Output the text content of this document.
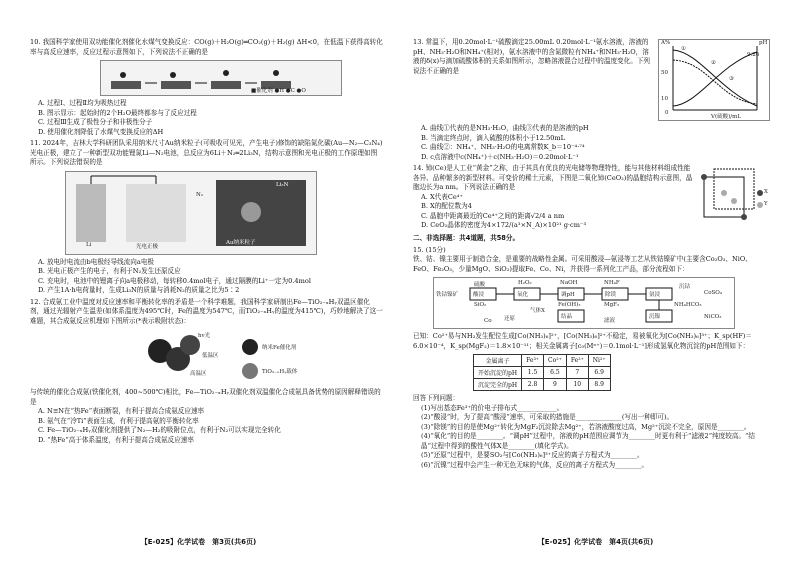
10. 我国科学家使用双功能催化剂催化水煤气变换反应：CO(g)＋H₂O(g)═CO₂(g)＋H₂(g) ΔH<0，在低温下获得高转化率与高反应速率，反应过程示意图如下，下列说法不正确的是

■催化剂 ●H ●C ●O

A. 过程Ⅰ、过程Ⅱ均为吸热过程

B. 图示显示：起始时的2个H₂O最终都参与了反应过程

C. 过程Ⅲ生成了极性分子和非极性分子

D. 使用催化剂降低了水煤气变换反应的ΔH

11. 2024年，吉林大学科研团队采用纳米尺寸Au纳米粒子(可吸收可见光，产生电子)修饰的缺陷氮化碳(Au—N₂—C₃N₄)光电正极，建立了一种新型双功能锂氮Li—N₂电池，总反应为6Li＋N₂═2Li₃N，结构示意图和光电正极的工作原理如图所示。下列说法错误的是

Li	光电正极
Au纳米粒子
N₂
Li₃N

A. 放电时电流由b电极经导线流向a电极

B. 光电正极产生的电子，有利于N₂发生还原反应

C. 充电时，电池中的锂离子向a电极移动，每转移0.4mol电子，通过隔膜的Li⁺一定为0.4mol

D. 产生1A·h电荷量时，生成Li₃N的质量与消耗N₂的质量之比为5∶2

12. 合成氨工业中温度对反应速率和平衡转化率的矛盾是一个科学难题，我国科学家研制出Fe—TiO₂₋ₓHᵧ双温区催化剂，通过光辐射产生温差(如体系温度为495℃时，Fe的温度为547℃，而TiO₂₋ₓHᵧ的温度为415℃)，巧妙地解决了这一难题，其合成氨反应机理如下图所示(*表示吸附状态)：

hv光
低温区
高温区
纳米Fe催化剂
TiO₂₋ₓHᵧ载体

与传统的催化合成氨(铁催化剂，400~500℃)相比，Fe—TiO₂₋ₓHᵧ双催化剂双温催化合成氨具备优势的原因解释错误的是

A. N≡N在“热Fe”表面断裂，有利于提高合成氨反应速率

B. 氨气在“冷Ti”表面生成，有利于提高氨的平衡转化率

C. Fe—TiO₂₋ₓHᵧ双催化剂提供了N₂—H₂的吸附位点，有利于N₂可以实现完全转化

D. “热Fe”高于体系温度，有利于提高合成氨反应速率

【E-025】化学试卷　第3页(共6页)

13. 常温下，用0.20mol·L⁻¹硫酸滴定25.00mL 0.20mol·L⁻¹氨水溶液，溶液的pH、NH₃·H₂O和NH₄⁺(相对)，氨水溶液中的含氮微粒有NH₄⁺和NH₃·H₂O，溶液的δ(x)与滴加硫酸体积的关系如图所示，忽略溶液混合过程中的温度变化。下列说法不正确的是

A%	pH
9.26
50
10
0
①
②
③
V(硫酸)/mL

A. 曲线①代表的是NH₃·H₂O，曲线③代表的是溶液的pH

B. 当滴定终点时，滴入硫酸的体积小于12.50mL

C. 曲线②：NH₄⁺、NH₃·H₂O的电离常数K_b＝10⁻⁴·⁷⁴

D. c点溶液中c(NH₄⁺)＋c(NH₃·H₂O)＝0.20mol·L⁻¹

14. 铈(Ce)是人工业“黄金”之称，由于其具有优良的光电储等物理特性，能与其他材料组成性能各异、品种繁多的新型材料。可变价的稀土元素，下图是二氧化铈(CeO₂)的晶胞结构示意图，晶胞边长为a nm。下列说法正确的是

A. X代表Ce⁴⁺

B. X的配位数为4

C. 晶胞中距离最近的Ce⁴⁺之间的距离√2/4 a nm

D. CeO₂晶体的密度为4×172/(a³×N_A)×10²¹ g·cm⁻³

X
Y

二、非选择题：共4道题，共58分。

15. (15分)

铁、钴、镍主要用于制造合金，是重要的战略性金属。可采用酸浸—氨浸等工艺从铁钴镍矿中(主要含Co₂O₃、NiO、FeO、Fe₂O₃，少量MgO、SiO₂)提取Fe、Co、Ni，并获得一系列化工产品，部分流程如下：

铁钴镍矿
硫酸
酸浸
SiO₂
H₂O₂
氧化
NaOH
调pH
NH₄F
除镁
MgF₂
氨浸
Fe(OH)₃
结晶
沉钴
CoSO₄
NH₄HCO₃
沉镍	NiCO₃
气体X
还原
Co	滤液

已知：Co²⁺易与NH₃发生配位生成[Co(NH₃)₆]²⁺，[Co(NH₃)₆]²⁺不稳定，易被氧化为[Co(NH₃)₆]³⁺；K_sp(HF)＝6.0×10⁻⁴，K_sp(MgF₂)＝1.8×10⁻¹¹；相关金属离子[c₀(Mⁿ⁺)＝0.1mol·L⁻¹]形成氢氧化物沉淀的pH范围如下：

金属离子	Fe³⁺	Co²⁺	Fe²⁺	Ni²⁺
开始沉淀的pH	1.5	6.5	7	6.9
沉淀完全的pH	2.8	9	10	8.9

回答下列问题：

(1)写出基态Fe³⁺的价电子排布式____________。

(2)“酸浸”时，为了提高“酸浸”速率，可采取的措施是______________(写出一种即可)。

(3)“除镁”的目的是使Mg²⁺转化为MgF₂沉淀除去Mg²⁺，若溶液酸度过高，Mg²⁺沉淀不完全，原因是________。

(4)“氧化”的目的是________。“调pH”过程中，溶液的pH范围应调节为________时更有利于“滤液2”纯度较高。“结晶”过程中得到的酸性气体X是________(填化学式)。

(5)“还原”过程中，是要SO₂与[Co(NH₃)₆]³⁺反应的离子方程式为________。

(6)“沉镍”过程中会产生一种无色无味的气体，反应的离子方程式为________。

【E-025】化学试卷　第4页(共6页)
